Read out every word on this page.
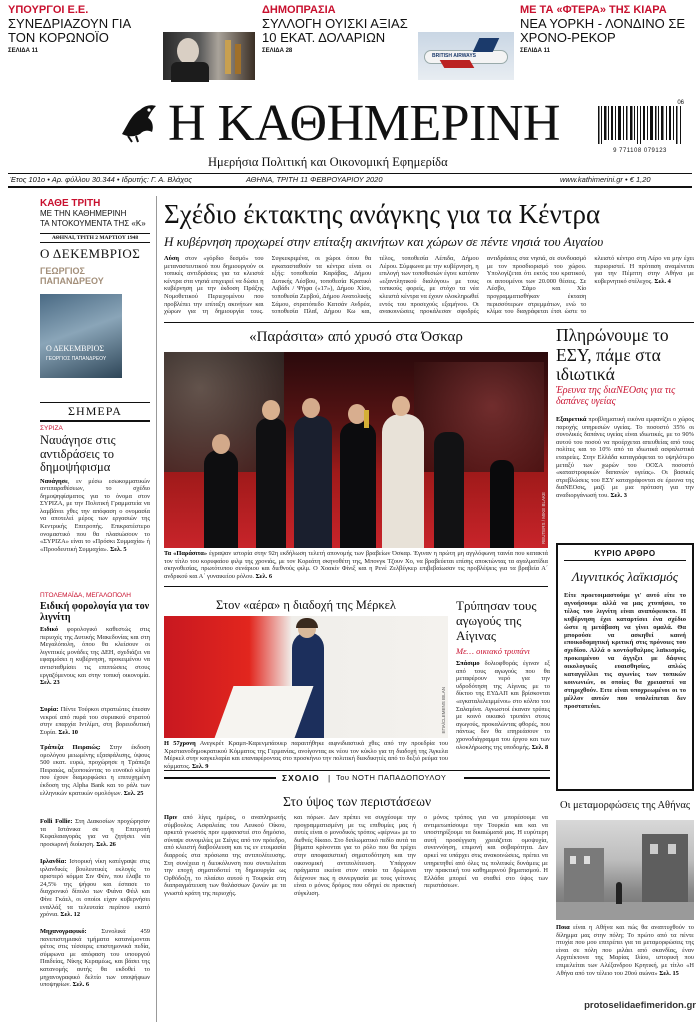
ΥΠΟΥΡΓΟΙ Ε.Ε.
ΣΥΝΕΔΡΙΑΖΟΥΝ ΓΙΑ ΤΟΝ ΚΟΡΩΝΟΪΟ
ΣΕΛΙΔΑ 11
ΔΗΜΟΠΡΑΣΙΑ
ΣΥΛΛΟΓΗ ΟΥΙΣΚΙ ΑΞΙΑΣ 10 ΕΚΑΤ. ΔΟΛΑΡΙΩΝ
ΣΕΛΙΔΑ 28
BRITISH AIRWAYS
ΜΕ ΤΑ «ΦΤΕΡΑ» ΤΗΣ ΚΙΑΡΑ
ΝΕΑ ΥΟΡΚΗ - ΛΟΝΔΙΝΟ ΣΕ ΧΡΟΝΟ-ΡΕΚΟΡ
ΣΕΛΙΔΑ 11
Η ΚΑΘΗΜΕΡΙΝΗ
Ημερήσια Πολιτική και Οικονομική Εφημερίδα
06
9 771108 079123
Έτος 101ο • Αρ. φύλλου 30.344 • Ιδρυτής: Γ. Α. Βλάχος	ΑΘΗΝΑ, ΤΡΙΤΗ 11 ΦΕΒΡΟΥΑΡΙΟΥ 2020	www.kathimerini.gr • € 1,20
ΚΑΘΕ ΤΡΙΤΗ
ΜΕ ΤΗΝ ΚΑΘΗΜΕΡΙΝΗ
ΤΑ ΝΤΟΚΟΥΜΕΝΤΑ ΤΗΣ «Κ»
ΑΘΗΝΑΙ, ΤΡΙΤΗ 2 ΜΑΡΤΙΟΥ 1948
Ο ΔΕΚΕΜΒΡΙΟΣ
ΓΕΩΡΓΙΟΣ ΠΑΠΑΝΔΡΕΟΥ
Ο ΔΕΚΕΜΒΡΙΟΣ
ΓΕΩΡΓΙΟΣ ΠΑΠΑΝΔΡΕΟΥ
ΣΗΜΕΡΑ
ΣΥΡΙΖΑ
Ναυάγησε στις αντιδράσεις το δημοψήφισμα
Ναυάγησε, εν μέσω εσωκομματικών αντιπαραθέσεων, το σχέδιο δημοψηφίσματος για το όνομα στον ΣΥΡΙΖΑ, με την Πολιτική Γραμματεία να λαμβάνει χθες την απόφαση ο ονομασία να αποτελεί μέρος των εργασιών της Κεντρικής Επιτροπής. Επικρατέστερο ονομαστικό που θα πλασιώσουν το «ΣΥΡΙΖΑ» είναι το «Πρόσκι Συμμαχία» ή «Προοδευτική Συμμαχία». Σελ. 5
ΠΤΟΛΕΜΑΪΔΑ, ΜΕΓΑΛΟΠΟΛΗ
Ειδική φορολογία για τον λιγνίτη
Ειδικό φορολογικό καθεστώς στις περιοχές της Δυτικής Μακεδονίας και στη Μεγαλόπολη, όπου θα κλείσουν οι λιγνιτικές μονάδες της ΔΕΗ, σχεδιάζει να εφαρμόσει η κυβέρνηση, προκειμένου να αντισταθμίσει τις επιπτώσεις στους εργαζόμενους και στην τοπική οικονομία. Σελ. 23
Συρία: Πέντε Τούρκοι στρατιώτες έπεσαν νεκροί από πυρά του συριακού στρατού στην επαρχία Ιντλίμπ, στη βορειοδυτική Συρία. Σελ. 10
Τράπεζα Πειραιώς: Στην έκδοση ομολόγου μειωμένης εξασφάλισης, ύψους 500 εκατ. ευρώ, προχώρησε η Τράπεζα Πειραιώς, αξιοποιώντας το ευνοϊκό κλίμα που έχουν διαμορφώσει η επιτυχημένη έκδοση της Alpha Bank και το ράλι των ελληνικών κρατικών ομολόγων. Σελ. 25
Folli Follie: Στη Διακοσίων προχώρησαν τα Ιστάνικα σε η Επιτροπή Κεφαλαιαγοράς για να ζητήσει νέα προσωρινή διοίκηση. Σελ. 26
Ιρλανδία: Ιστορική νίκη κατέγραψε στις ιρλανδικές βουλευτικές εκλογές το αριστερό κόμμα Σιν Φέιν, που έλαβε το 24,5% της ψήφου και έσπασε το διαχρονικό δίπολο των Φιάνα Φέιλ και Φίνε Γκάελ, οι οποίοι είχαν κυβερνήσει εναλλάξ τα τελευταία περίπου εκατό χρόνια. Σελ. 12
Μηχανογραφικό: Συνολικά 459 πανεπιστημιακά τμήματα κατανέμονται φέτος στις τέσσερις επιστημονικά πεδία, σύμφωνα με απόφαση του υπουργού Παιδείας, Νίκης Κεραμέως, και βάσει της κατανομής αυτής θα εκδοθεί το μηχανογραφικό δελτίο των υποψήφιων υποψηφίων. Σελ. 6
Σχέδιο έκτακτης ανάγκης για τα Κέντρα
Η κυβέρνηση προχωρεί στην επίταξη ακινήτων και χώρων σε πέντε νησιά του Αιγαίου
Λύση στον «γόρδιο δεσμό» του μεταναστευτικού που δημιουργούν οι τοπικές αντιδράσεις για τα κλειστά κέντρα στα νησιά επιχειρεί να δώσει η κυβέρνηση με την έκδοση Πράξης Νομοθετικού Περιεχομένου που προβλέπει την επίταξη ακινήτων και χώρων για τη δημιουργία τους. Συγκεκριμένα, οι χώροι όπου θα εγκατασταθούν τα κέντρα είναι οι εξής: τοποθεσία Καράβας, Δήμου Δυτικής Λέσβου, τοποθεσία Κρατικό Λιβάδι / Ψήφα («17»), Δήμου Χίου, τοποθεσία Ζερβού, Δήμου Ανατολικής Σάμου, στρατόπεδο Κατσάν Ανδρέα, τοποθεσία Πλαΐ, Δήμου Κω και, τέλος, τοποθεσία Λέπιδα, Δήμου Λέρου. Σύμφωνα με την κυβέρνηση, η επιλογή των τοποθεσιών έγινε κατόπιν «εξαντλητικού διαλόγου» με τους τοπικούς φορείς, με στόχο τα νέα κλειστά κέντρα να έχουν ολοκληρωθεί εντός του προσεχούς εξαμήνου. Οι ανακοινώσεις προκάλεσαν σφοδρές αντιδράσεις στα νησιά, σε συνδυασμό με τον προσδιορισμό του χώρου. Υπολογίζεται ότι εκτός του κρατικού, οι αιτουμένοι των 20.000 θέσεις. Σε Λέσβο, Σάμο και Χίο προγραμματισθήκαν έκταση περισσότερων στρεμμάτων, ενώ το κλίμα του διαγράφεται έτσι ώστε το κλειστό κέντρο στη Λέρο να μην έχει περιοριστεί. Η πρόταση αναμένεται για την Πέμπτη στην Αθήνα με κυβερνητικό στέλεχος. Σελ. 4
«Παράσιτα» από χρυσό στα Όσκαρ
REUTERS / MIKE BLAKE
Τα «Παράσιτα» έγραψαν ιστορία στην 92η εκδήλωση τελετή απονομής των βραβείων Όσκαρ. Έγιναν η πρώτη μη αγγλόφωνη ταινία που κατακτά τον τίτλο του κορυφαίου φιλμ της χρονιάς, με τον Κορεάτη σκηνοθέτη της, Μπονγκ Τζουν Χο, να βραβεύεται επίσης αποκτώντας τα αγαλματίδια σκηνοθεσίας, πρωτότυπου σενάριου και διεθνούς φιλμ. Ο Χοακίν Φίνιξ και η Ρενέ Ζελβέγκερ επιβεβαίωσαν τις προβλέψεις για τα βραβεία Α΄ ανδρικού και Α΄ γυναικείου ρόλου. Σελ. 6
Πληρώνουμε το ΕΣΥ, πάμε στα ιδιωτικά
Έρευνα της διαΝΕΟσις για τις δαπάνες υγείας
Εξαιρετικά προβληματική εικόνα εμφανίζει ο χώρος παροχής υπηρεσιών υγείας. Το ποσοστό 35% οι συνολικές δαπάνες υγείας είναι ιδιωτικές, με το 90% αυτού του ποσού να προέρχεται απευθείας από τους πολίτες και το 10% από τα ιδιωτικά ασφαλιστικά εταιρείες. Στην Ελλάδα καταγράφεται το υψηλότερο μεταξύ των χωρών του ΟΟΣΑ ποσοστό «καταστροφικών δαπανών υγείας». Οι βασικές στρεβλώσεις του ΕΣΥ καταγράφονται σε έρευνα της διαΝΕΟσις, μαζί με μια πρόταση για την αναδιοργάνωσή του. Σελ. 3
ΚΥΡΙΟ ΑΡΘΡΟ
Λιγνιτικός λαϊκισμός
Είτε προετοιμαστούμε γι' αυτό είτε το αγνοήσουμε αλλά να μας χτυπήσει, το τέλος του λιγνίτη είναι αναπόφευκτο. Η κυβέρνηση έχει καταρτίσει ένα σχέδιο ώστε η μετάβαση να γίνει ομαλά. Θα μπορούσε να ασκηθεί καινή εποικοδομητική κριτική στις πρόνοιες του σχεδίου. Αλλά ο κοντόφθαλμος λαϊκισμός, προκειμένου να άγγιξει με δάφνες οικολογικές ευαισθησίες, απλώς καταγγέλλει τις αγωνίες των τοπικών κοινωνιών, οι οποίες θα χρειαστεί να στηριχθούν. Ειτε είναι υποχρεωμένοι οι το μέλλον αυτών που υπολείπεται δεν προστατεύει.
Στον «αέρα» η διαδοχή της Μέρκελ
ΕΠΑ/CLEMENS BILAN
Η 57χρονη Ανεγκρέτ Κραμπ-Καρενμπάουερ παραιτήθηκε αιφνιδιαστικά χθες από την προεδρία του Χριστιανοδημοκρατικού Κόμματος της Γερμανίας, ανοίγοντας εκ νέου τον κύκλο για τη διαδοχή της Άγκελα Μέρκελ στην καγκελαρία και επαναφέροντας στο προσκήνιο την πολιτική διεκδικητές από το δεξιό ρεύμα του κόμματος. Σελ. 9
Τρύπησαν τους αγωγούς της Αίγινας
Με… οικιακό τρυπάνι
Σπάσιμο δολιοφθοράς έγιναν εξ από τους αγωγούς που θα μεταφέρουν νερό για την υδροδότηση της Αίγινας με το δίκτυο της ΕΥΔΑΠ και βρίσκονται «εγκαταλελειμμένοι» στο κόλπο του Σαλαμίνα. Αγνωστοί έκαναν τρύπες με κοινό οικιακό τρυπάνι στους αγωγούς, προκαλώντας φθορές, που πάντως δεν θα επηρεάσουν το χρονοδιάγραμμα του έργου και των ολοκλήρωσης της υποδομής. Σελ. 8
ΣΧΟΛΙΟ | Του ΝΟΤΗ ΠΑΠΑΔΟΠΟΥΛΟΥ
Στο ύψος των περιστάσεων
Πριν από λίγες ημέρες, ο αναπληρωτής σύμβουλος Ασφαλείας του Λευκού Οίκου, αρκετά γνωστός πριν εμφανιστεί στο δημόσιο, σύναψε συνομιλίες με Σιέγες από τον πρόεδρο, από κλειστή διαβούλευση και τις εν ετοιμασία διαρροές στα πρόσωπα της αντιπολίτευσης. Στη συνέχεια η διευκόλυνση που συντελείται την εποχή σηματοδοτεί τη δημιουργία ως Ορθόδοξη, το πλαίσιο αυτού η Τουρκία στη διαπραγμάτευση των θαλάσσιων ζωνών με τα γνωστά κράτη της περιοχής.
και πόρων. Δεν πρέπει να συγχέουμε την προγραμματισμένη με τις επιθυμίες μας ή αυτές είναι ο μονοδικός τρόπος «φέρνω» με το διεθνές δίκαιο. Στο διπλωματικό πεδίο αυτά τα βήματα κρίνονται για το ρόλο που θα τρέχει στην αποφασιστική σηματοδότηση και την οικονομική αντιπολίτευση. Υπάρχουν πράγματα εκείνα στον οποίο τα δρώμενα δείχνουν πως η συνεργασία με τους γείτονες είναι ο μόνος δρόμος που οδηγεί σε πρακτική σύγκλιση.
ο μόνος τρόπος για να μπορέσουμε να αντιμετωπίσουμε την Τουρκία και και να υποστηρίξουμε τα δικαιώματά μας. Η ευρύτερη αυτή προσέγγιση χρειάζεται ομοψυχία, συνεννόηση, επιμονή και σοβαρότητα. Δεν αρκεί να υπάρχει στις ανακοινώσεις, πρέπει να υπηρετηθεί από όλες τις πολιτικές δυνάμεις με την πρακτική του καθημερινού βηματισμού. Η Ελλάδα μπορεί να σταθεί στο ύψος των περιστάσεων.
Οι μεταμορφώσεις της Αθήνας
Ποια είναι η Αθήνα και πώς θα αναπτυχθούν το δίλημμα μας στην πόλη; Το πρώτο από τα πέντε πτυχία που μου επιτρέπει για τα μεταμορφώσεις της είναι σε πόλη που μιλάει από σκανδίας, έναν Αρχιτέκτονα της Μαρίας Ιλίου, ιστορική που επιμελείται των Αλέξανδρου Κρητική, με τίτλο «Η Αθήνα από τον τέλειο του 20ού αιώνα» Σελ. 15
protoselidaefimeridon.gr
